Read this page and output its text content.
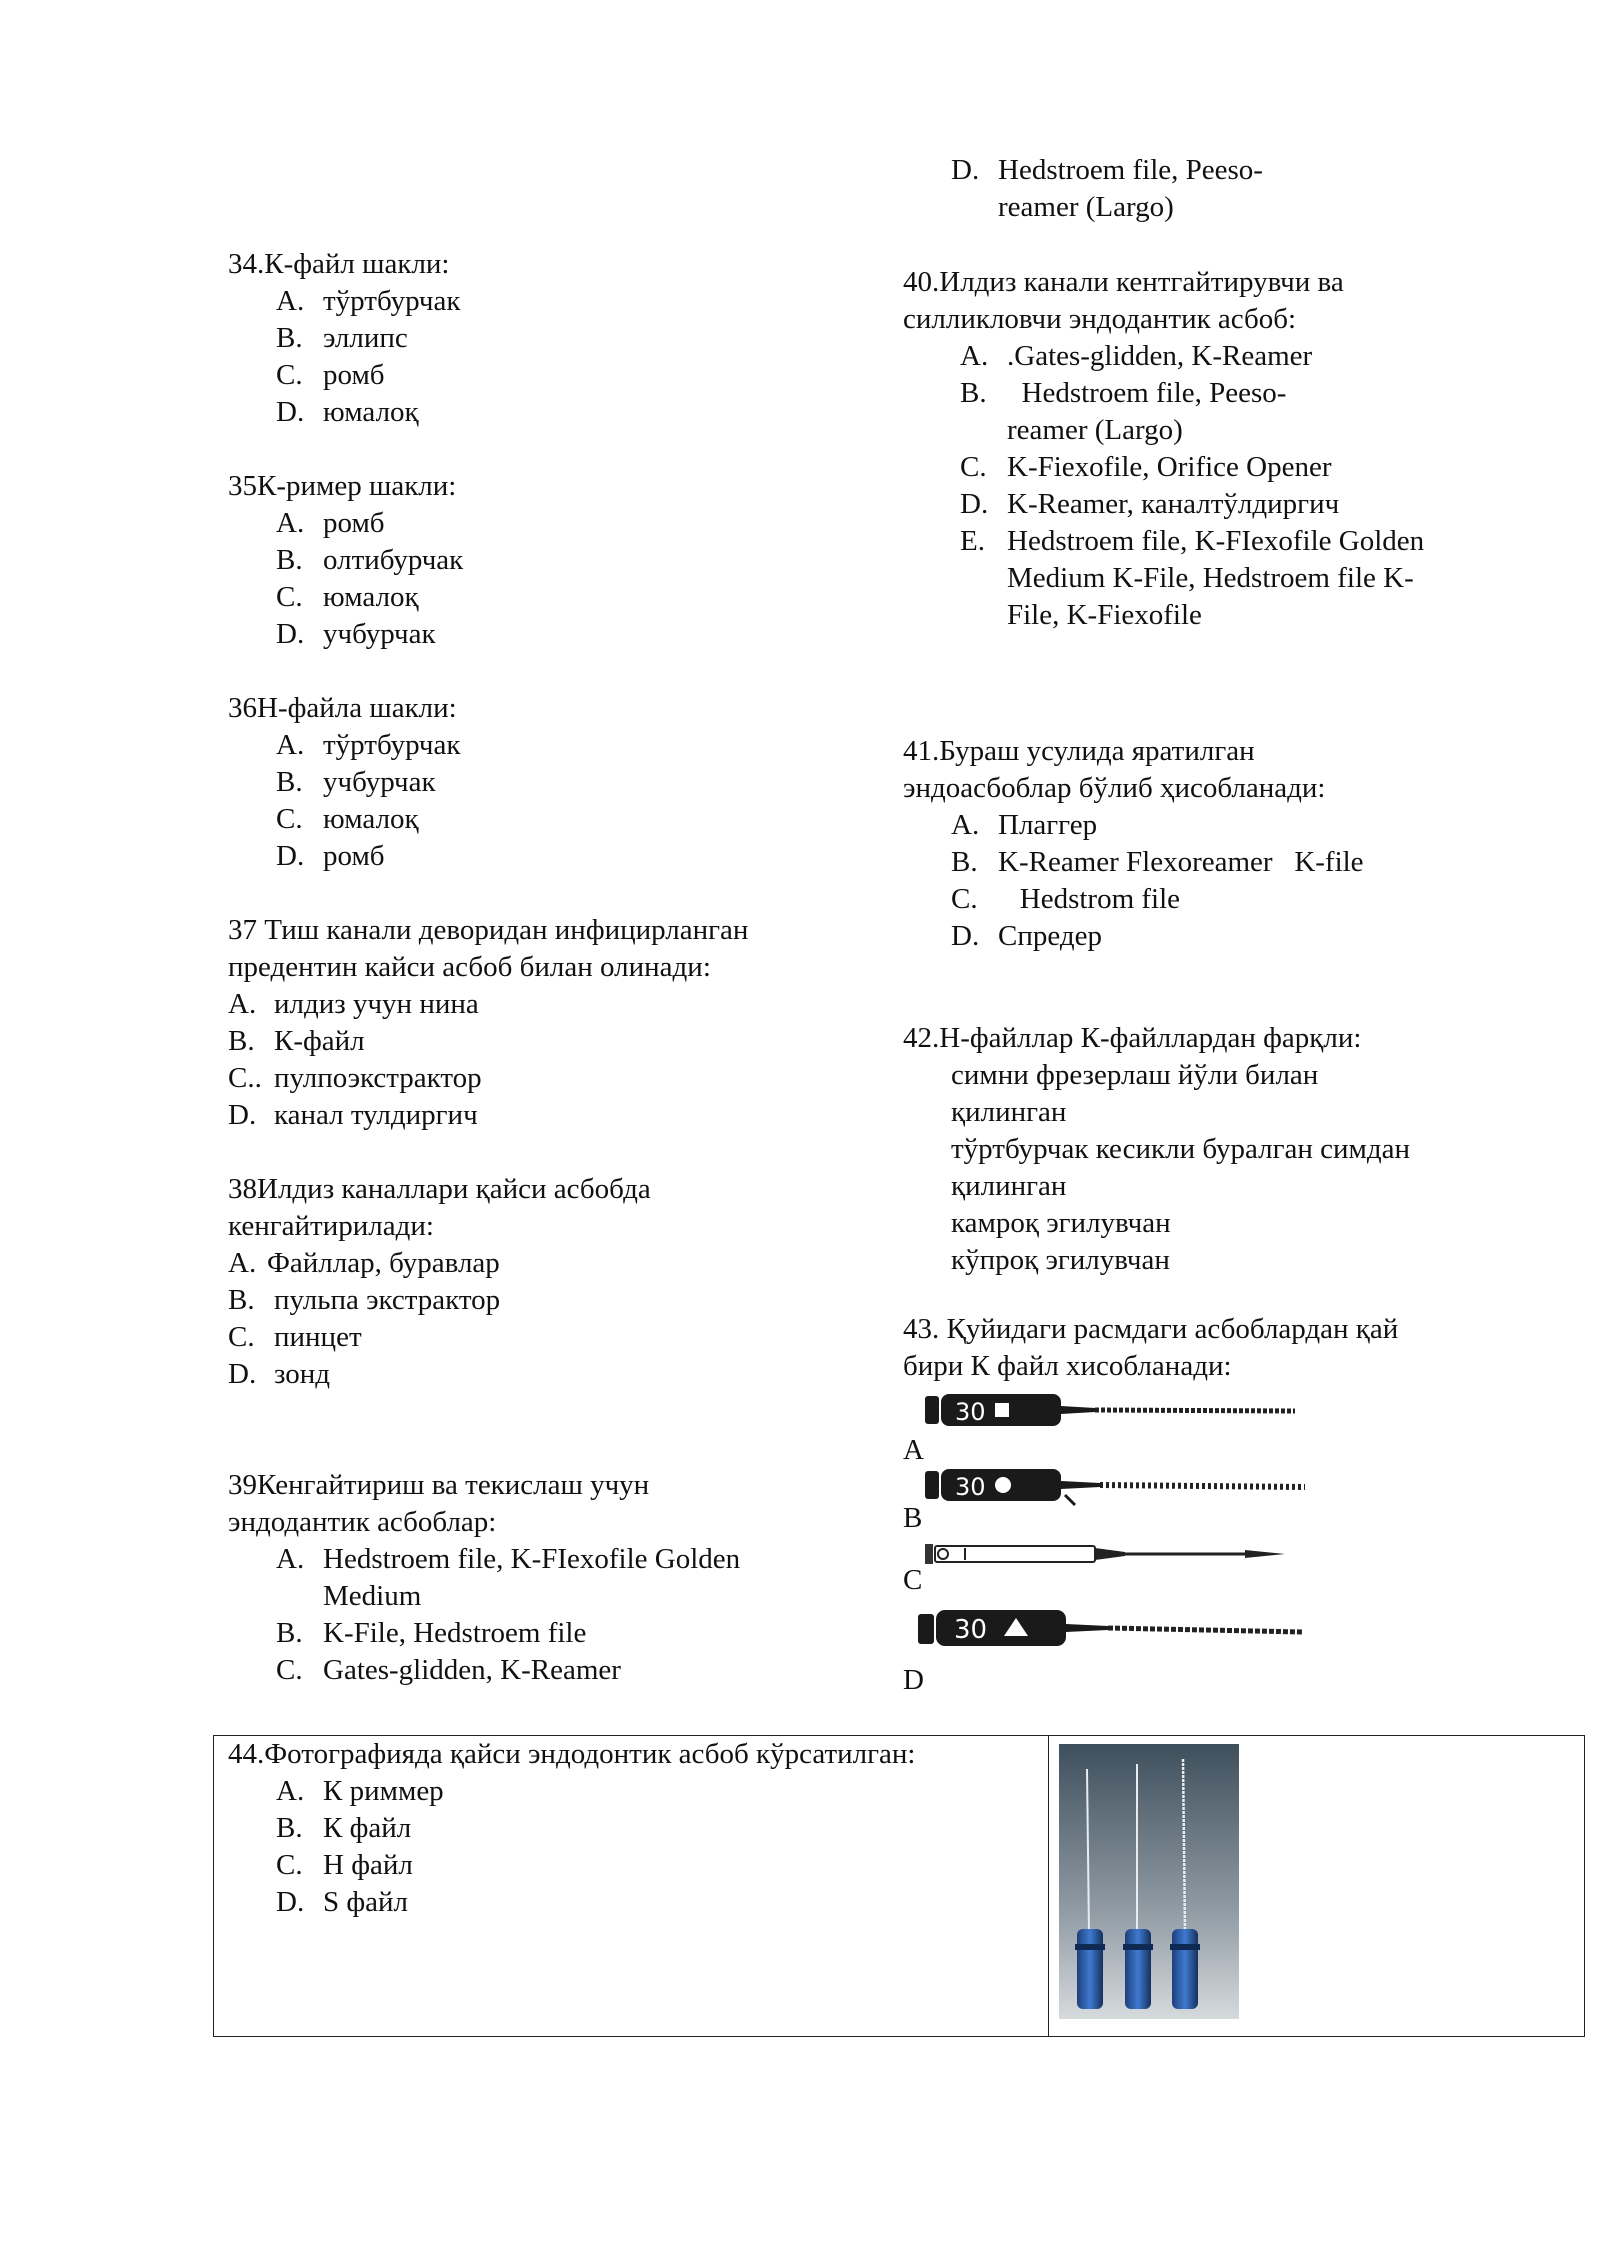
34.К-файл шакли:

A. тўртбурчак
B. эллипс
C. ромб
D. юмалоқ

35К-ример шакли:

A. ромб
B. олтибурчак
C. юмалоқ
D. учбурчак

36Н-файла шакли:

A. тўртбурчак
B. учбурчак
C. юмалоқ
D. ромб

37 Тиш канали девоpидан инфицирланган

предентин кайси асбоб билан олинади:

A. илдиз учун нина
B. К-файл
C.. пулпоэкстрактор
D. канал тулдиргич

38Илдиз каналлари қайси асбобда

кенгайтирилади:

A. Файллар, буравлар
B. пульпа экстрактор
C. пинцет
D. зонд

39Кенгайтириш ва текислаш учун

эндодантик асбоблар:

A. Hedstroem file, K-FIexofile Golden
Medium
B. K-File, Hedstroem file
C. Gates-glidden, K-Reamer
D. Hedstroem file, Peeso-
reamer (Largo)

40.Илдиз канали кентгайтирувчи ва

силликловчи эндодантик асбоб:

A. .Gates-glidden, K-Reamer
B. Hedstroem file, Peeso-
reamer (Largo)
C. K-Fiexofile, Orifice Opener
D. K-Reamer, каналтўлдиргич
E. Hedstroem file, K-FIexofile Golden
Medium K-File, Hedstroem file K-
File, K-Fiexofile

41.Бураш усулида яратилган

эндоасбоблар бўлиб ҳисобланади:

A. Плаггер
B. K-Reamer Flexoreamer   K-file
C. Hedstrom file
D. Спредер

42.Н-файллар К-файллардан фарқли:

симни фрезерлаш йўли билан

қилинган

тўртбурчак кесикли буралган симдан

қилинган

камроқ эгилувчан

кўпроқ эгилувчан

43. Қуйидаги расмдаги асбоблардан қай

бири К файл хисобланади:

30
A
30
B
C
30
D

44.Фотографияда қайси эндодонтик асбоб кўрсатилган:

A. К риммер
B. К файл
C. Н файл
D. S файл
